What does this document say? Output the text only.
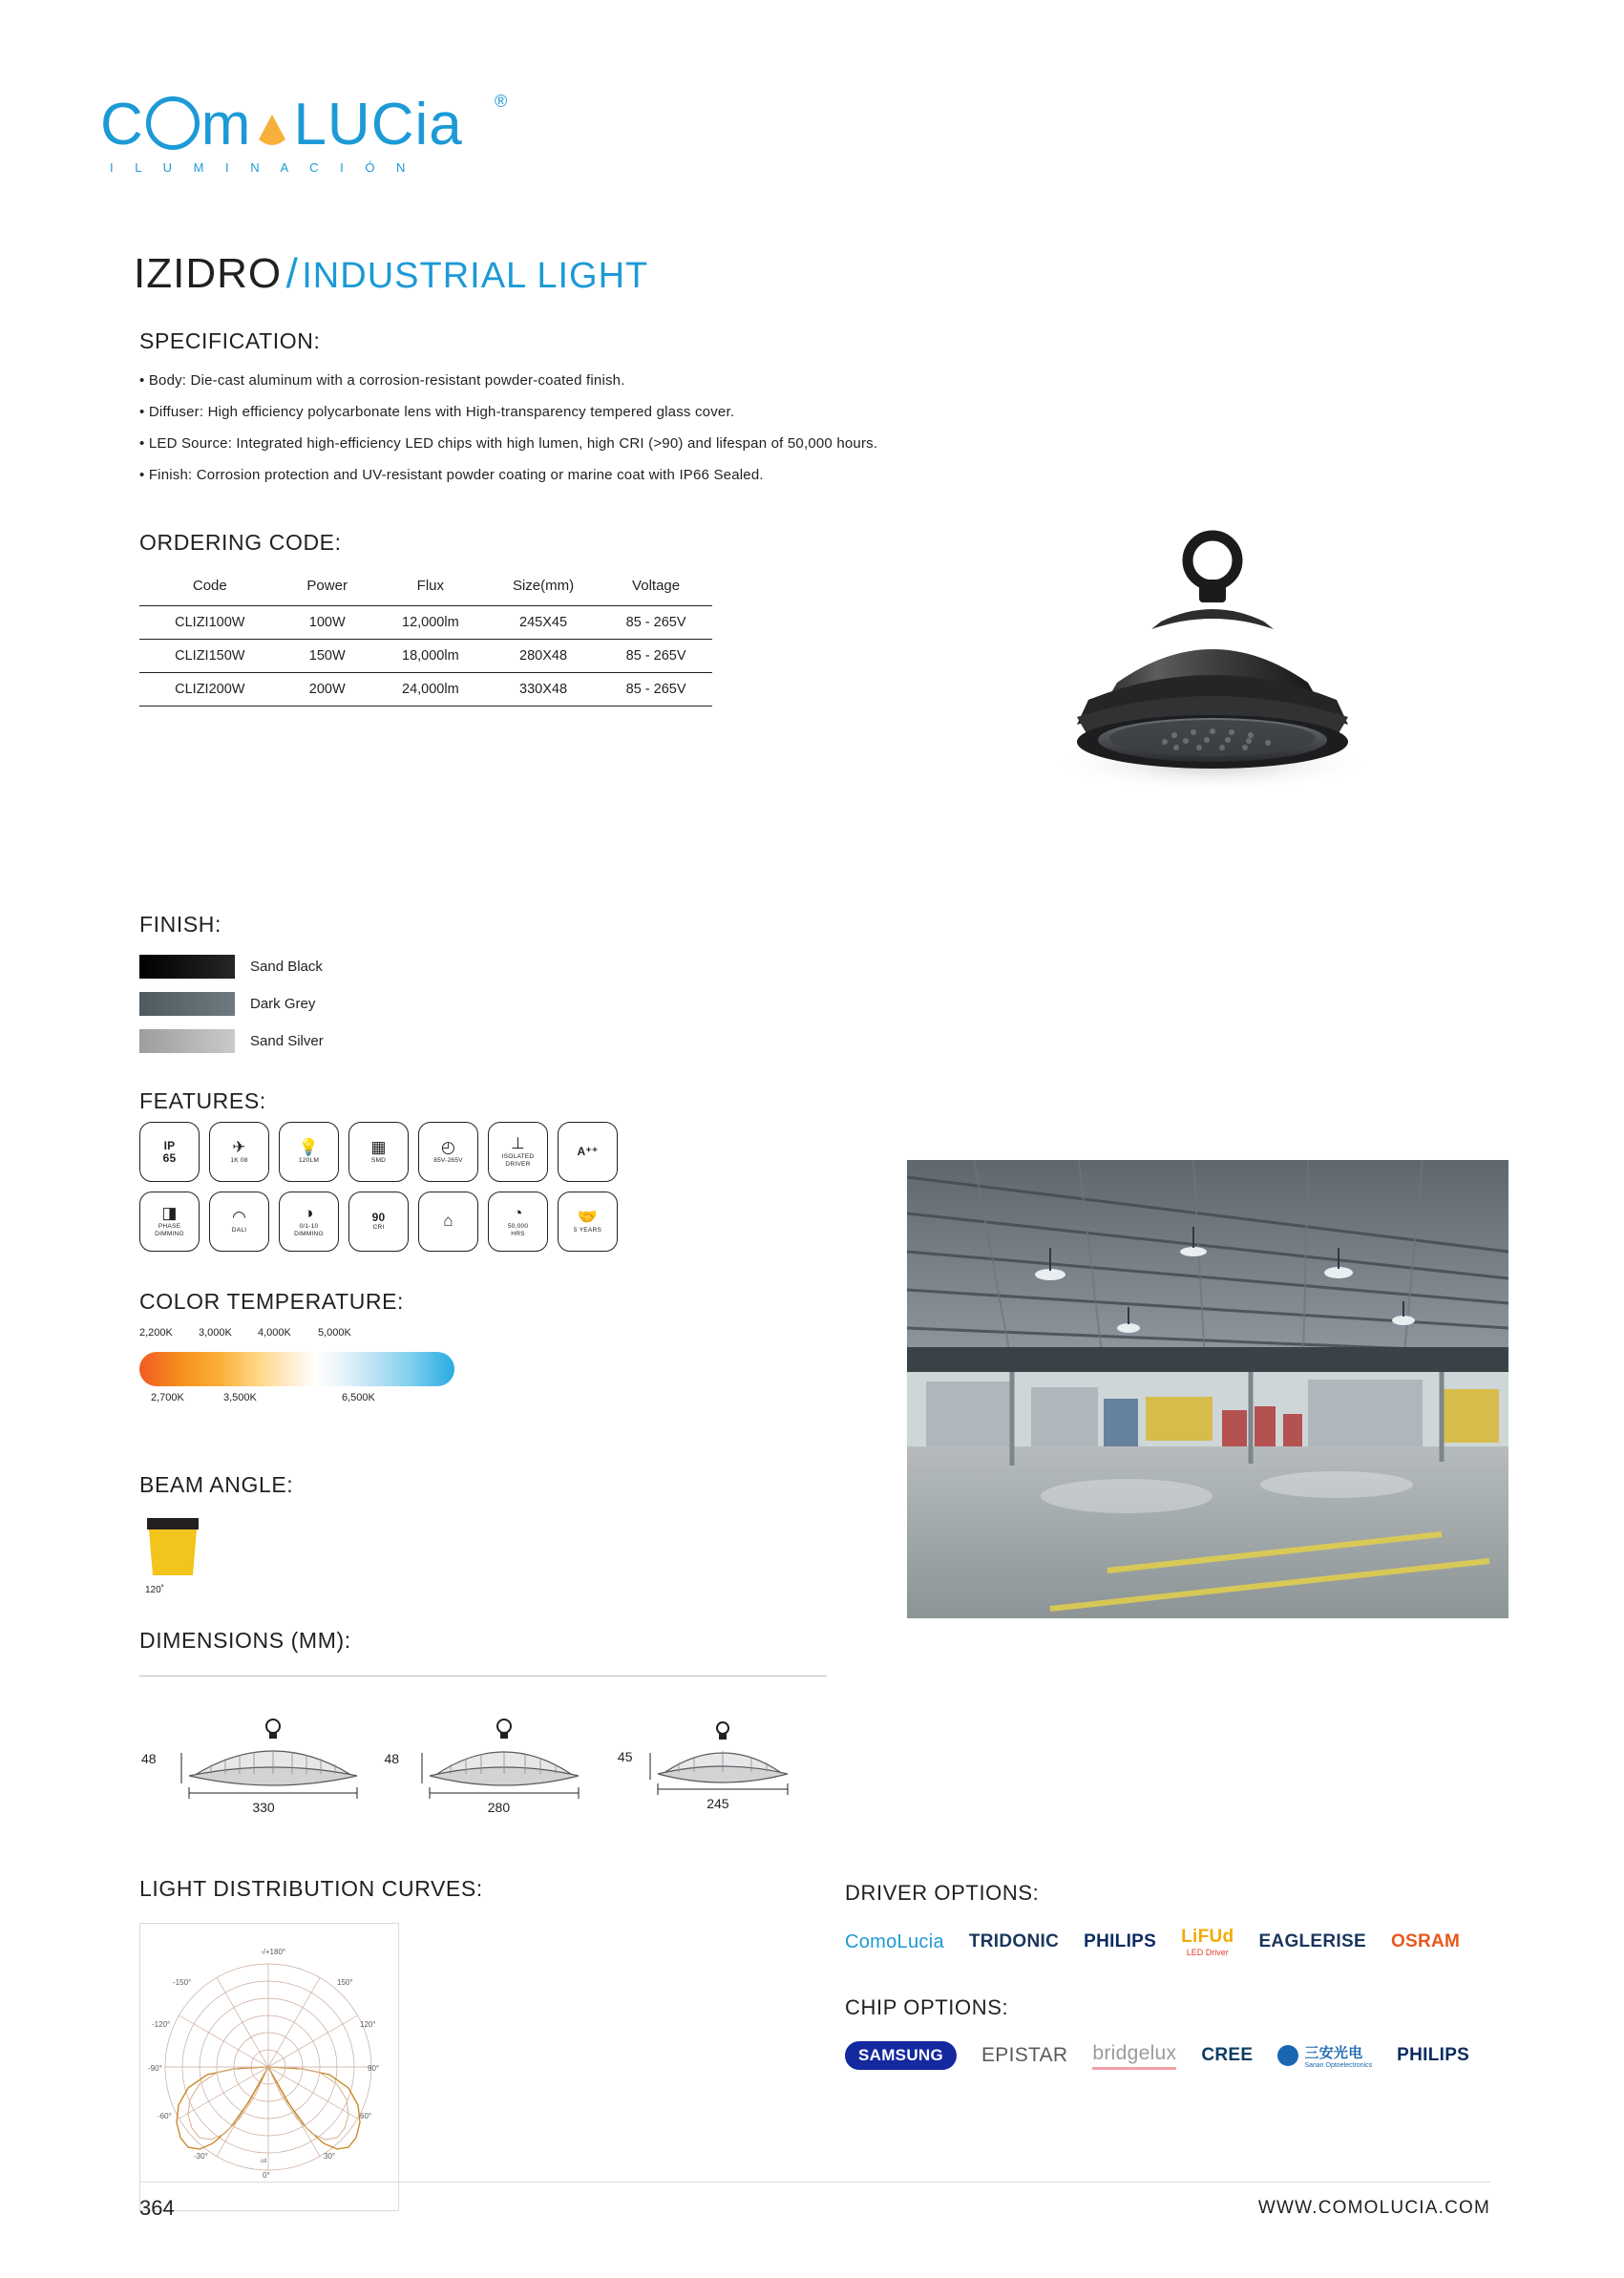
C m LUCia
I L U M I N A C I Ó N
®
IZIDRO / INDUSTRIAL LIGHT
SPECIFICATION:

• Body: Die-cast aluminum with a corrosion-resistant powder-coated finish.

• Diffuser: High efficiency polycarbonate lens with High-transparency tempered glass cover.

• LED Source: Integrated high-efficiency LED chips with high lumen, high CRI (>90) and lifespan of 50,000 hours.

• Finish: Corrosion protection and UV-resistant powder coating or marine coat with IP66 Sealed.

ORDERING CODE:
Code	Power	Flux	Size(mm)	Voltage
CLIZI100W	100W	12,000lm	245X45	85 - 265V
CLIZI150W	150W	18,000lm	280X48	85 - 265V
CLIZI200W	200W	24,000lm	330X48	85 - 265V
FINISH:
Sand Black
Dark Grey
Sand Silver
FEATURES:
IP
65
✈
1K 08
💡
120LM
▦
SMD
◴
85V-265V
⊥
ISOLATED
DRIVER
A⁺⁺
◨
PHASE
DIMMING
◠
DALI
◑
0/1-10
DIMMING
90
CRI	⌂	◔
50,000
HRS
🤝
5 YEARS
COLOR TEMPERATURE:
2,200K 3,000K 4,000K	5,000K
2,700K	3,500K	6,500K
BEAM ANGLE:
120˚
DIMENSIONS (MM):
48
330

48
280

45
245
LIGHT DISTRIBUTION CURVES:
-/+180°
-150°	150°
-120°	120°
-90°	90°
-60°	60°
-30°	30°
0°
cd
DRIVER OPTIONS:
ComoLucia TRIDONIC PHILIPS LiFUd
LED Driver
EAGLERISE OSRAM
CHIP OPTIONS:
SAMSUNG	EPISTAR bridgelux CREE	三安光电
Sanan Optoelectronics
PHILIPS
364	WWW.COMOLUCIA.COM
